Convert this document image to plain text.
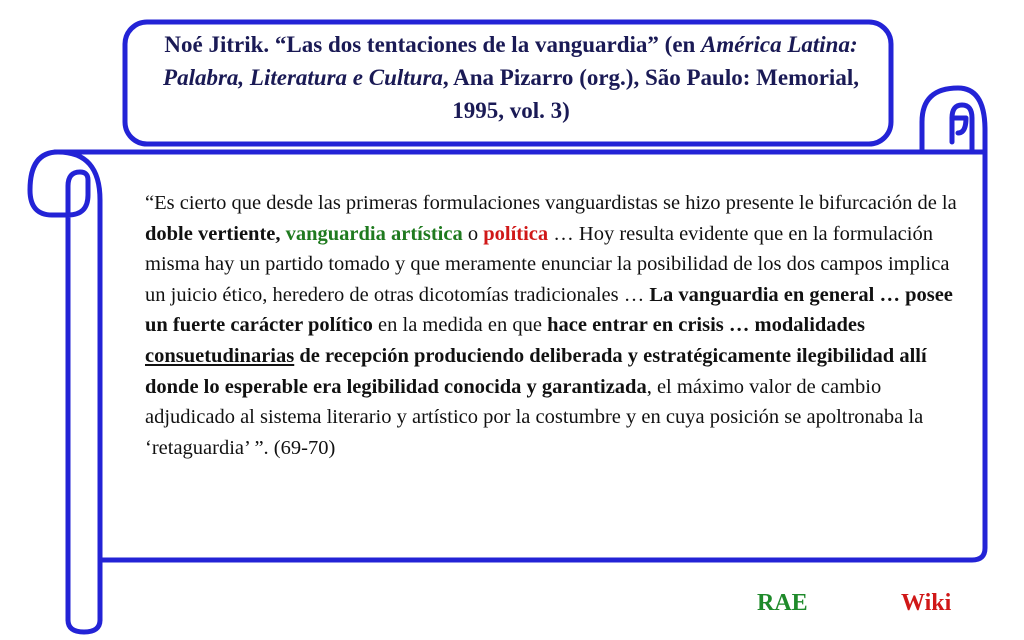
Noé Jitrik. “Las dos tentaciones de la vanguardia” (en América Latina: Palabra, Literatura e Cultura, Ana Pizarro (org.), São Paulo: Memorial, 1995, vol. 3)
“Es cierto que desde las primeras formulaciones vanguardistas se hizo presente le bifurcación de la doble vertiente, vanguardia artística o política … Hoy resulta evidente que en la formulación misma hay un partido tomado y que meramente enunciar la posibilidad de los dos campos implica un juicio ético, heredero de otras dicotomías tradicionales … La vanguardia en general … posee un fuerte carácter político en la medida en que hace entrar en crisis … modalidades consuetudinarias de recepción produciendo deliberada y estratégicamente ilegibilidad allí donde lo esperable era legibilidad conocida y garantizada, el máximo valor de cambio adjudicado al sistema literario y artístico por la costumbre y en cuya posición se apoltronaba la ‘retaguardia’ ”. (69-70)
RAE	Wiki
